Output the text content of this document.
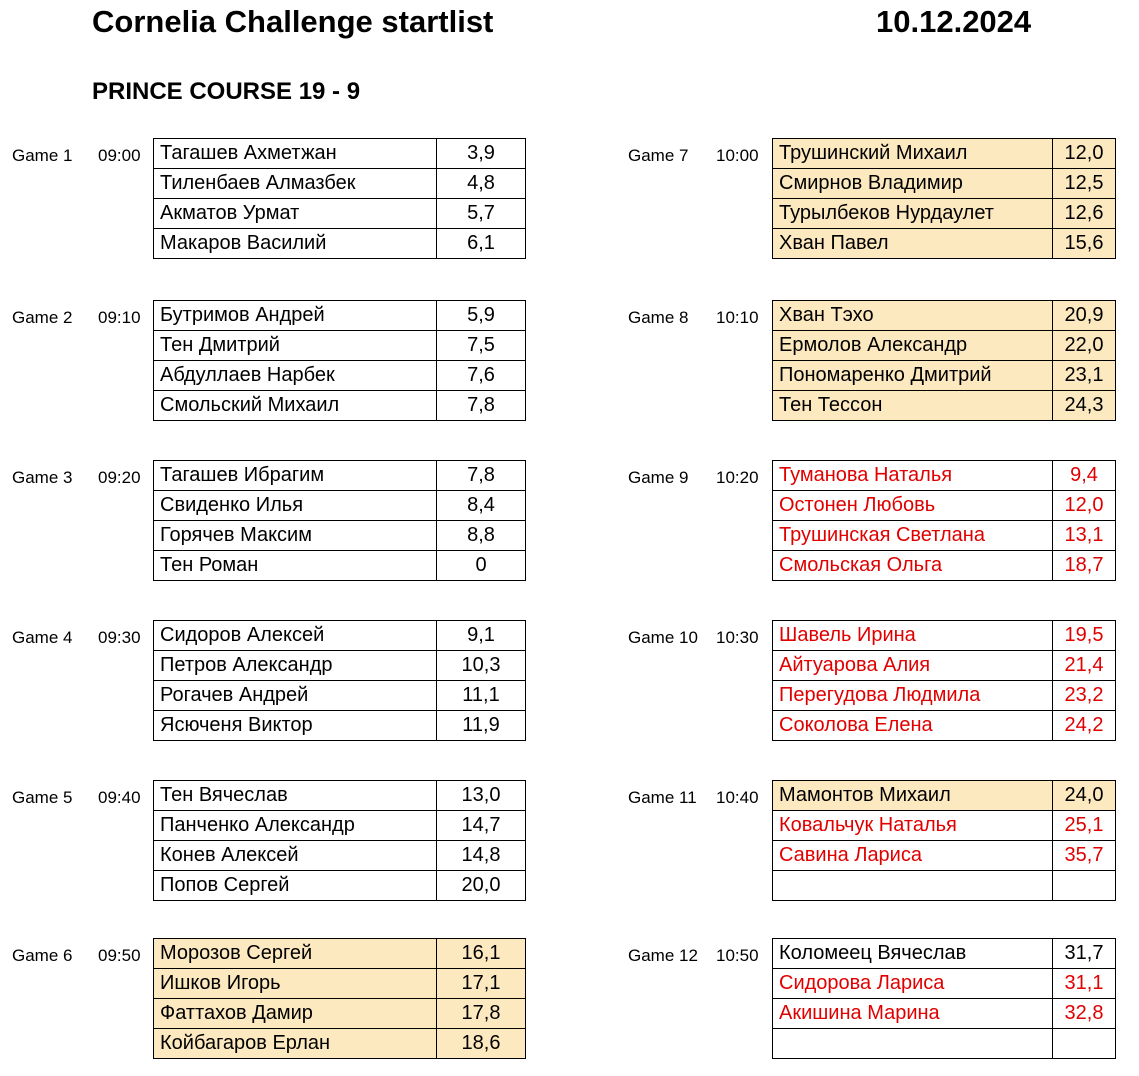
Cornelia Challenge startlist	10.12.2024
PRINCE COURSE 19 - 9
Game 1 09:00 Тагашев Ахметжан	3,9
Тиленбаев Алмазбек	4,8
Акматов Урмат	5,7
Макаров Василий	6,1
Game 2 09:10 Бутримов Андрей	5,9
Тен Дмитрий	7,5
Абдуллаев Нарбек	7,6
Смольский Михаил	7,8
Game 3 09:20 Тагашев Ибрагим	7,8
Свиденко Илья	8,4
Горячев Максим	8,8
Тен Роман	0
Game 4 09:30 Сидоров Алексей	9,1
Петров Александр	10,3
Рогачев Андрей	11,1
Ясюченя Виктор	11,9
Game 5 09:40 Тен Вячеслав	13,0
Панченко Александр	14,7
Конев Алексей	14,8
Попов Сергей	20,0
Game 6 09:50 Морозов Сергей	16,1
Ишков Игорь	17,1
Фаттахов Дамир	17,8
Койбагаров Ерлан	18,6
Game 7 10:00 Трушинский Михаил	12,0
Смирнов Владимир	12,5
Турылбеков Нурдаулет	12,6
Хван Павел	15,6
Game 8 10:10 Хван Тэхо	20,9
Ермолов Александр	22,0
Пономаренко Дмитрий	23,1
Тен Тессон	24,3
Game 9 10:20 Туманова Наталья	9,4
Остонен Любовь	12,0
Трушинская Светлана	13,1
Смольская Ольга	18,7
Game 10 10:30 Шавель Ирина	19,5
Айтуарова Алия	21,4
Перегудова Людмила	23,2
Соколова Елена	24,2
Game 11 10:40 Мамонтов Михаил	24,0
Ковальчук Наталья	25,1
Савина Лариса	35,7

Game 12 10:50 Коломеец Вячеслав	31,7
Сидорова Лариса	31,1
Акишина Марина	32,8
